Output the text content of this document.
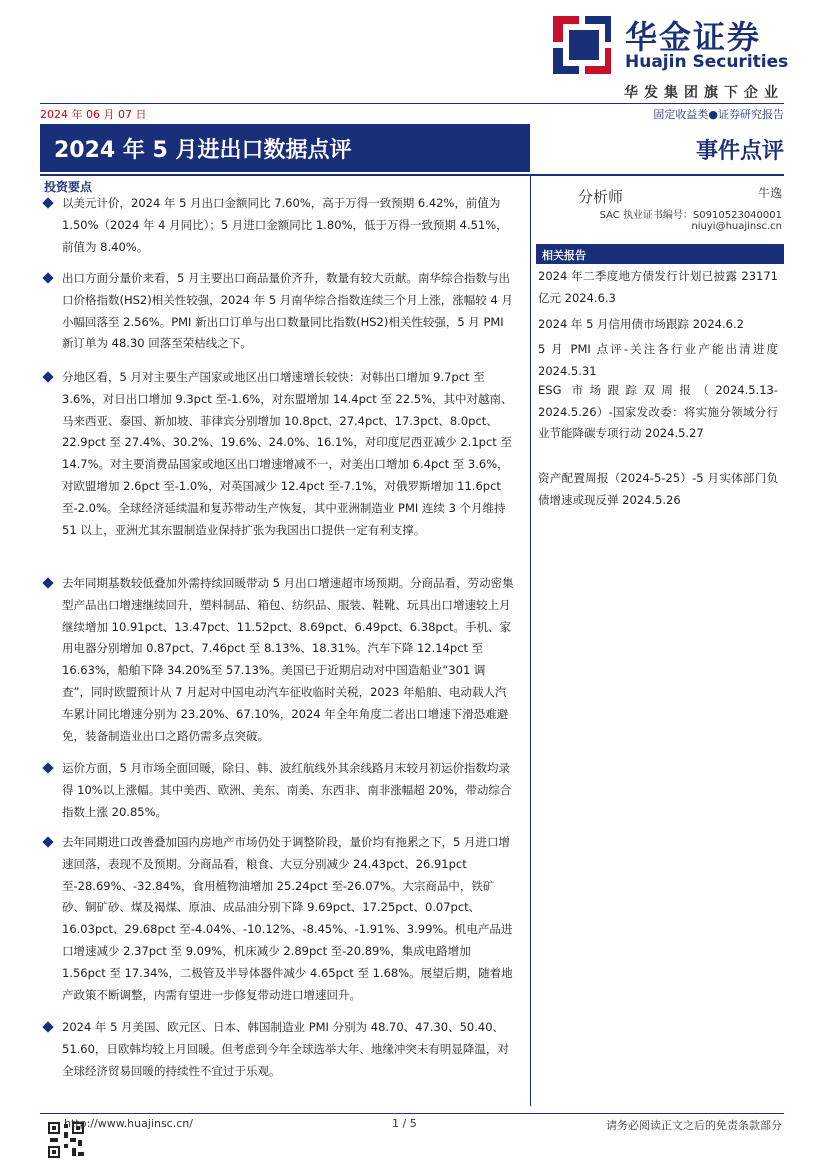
华金证券
Huajin Securities
华发集团旗下企业
2024 年 06 月 07 日	固定收益类●证券研究报告
2024 年 5 月进出口数据点评	事件点评
投资要点
以美元计价，2024 年 5 月出口金额同比 7.60%，高于万得一致预期 6.42%，前值为 1.50%（2024 年 4 月同比）；5 月进口金额同比 1.80%，低于万得一致预期 4.51%，前值为 8.40%。
出口方面分量价来看，5 月主要出口商品量价齐升，数量有较大贡献。南华综合指数与出口价格指数(HS2)相关性较强，2024 年 5 月南华综合指数连续三个月上涨，涨幅较 4 月小幅回落至 2.56%。PMI 新出口订单与出口数量同比指数(HS2)相关性较强，5 月 PMI 新订单为 48.30 回落至荣枯线之下。
分地区看，5 月对主要生产国家或地区出口增速增长较快：对韩出口增加 9.7pct 至 3.6%，对日出口增加 9.3pct 至-1.6%，对东盟增加 14.4pct 至 22.5%，其中对越南、马来西亚、泰国、新加坡、菲律宾分别增加 10.8pct、27.4pct、17.3pct、8.0pct、22.9pct 至 27.4%、30.2%、19.6%、24.0%、16.1%，对印度尼西亚减少 2.1pct 至 14.7%。对主要消费品国家或地区出口增速增减不一，对美出口增加 6.4pct 至 3.6%，对欧盟增加 2.6pct 至-1.0%，对英国减少 12.4pct 至-7.1%，对俄罗斯增加 11.6pct 至-2.0%。全球经济延续温和复苏带动生产恢复，其中亚洲制造业 PMI 连续 3 个月维持 51 以上，亚洲尤其东盟制造业保持扩张为我国出口提供一定有利支撑。
去年同期基数较低叠加外需持续回暖带动 5 月出口增速超市场预期。分商品看，劳动密集型产品出口增速继续回升，塑料制品、箱包、纺织品、服装、鞋靴、玩具出口增速较上月继续增加 10.91pct、13.47pct、11.52pct、8.69pct、6.49pct、6.38pct。手机、家用电器分别增加 0.87pct、7.46pct 至 8.13%、18.31%。汽车下降 12.14pct 至 16.63%，船舶下降 34.20%至 57.13%。美国已于近期启动对中国造船业“301 调查”，同时欧盟预计从 7 月起对中国电动汽车征收临时关税，2023 年船舶、电动载人汽车累计同比增速分别为 23.20%、67.10%，2024 年全年角度二者出口增速下滑恐难避免，装备制造业出口之路仍需多点突破。
运价方面，5 月市场全面回暖，除日、韩、波红航线外其余线路月末较月初运价指数均录得 10%以上涨幅。其中美西、欧洲、美东、南美、东西非、南非涨幅超 20%，带动综合指数上涨 20.85%。
去年同期进口改善叠加国内房地产市场仍处于调整阶段，量价均有拖累之下，5 月进口增速回落，表现不及预期。分商品看，粮食、大豆分别减少 24.43pct、26.91pct 至-28.69%、-32.84%，食用植物油增加 25.24pct 至-26.07%。大宗商品中，铁矿砂、铜矿砂、煤及褐煤、原油、成品油分别下降 9.69pct、17.25pct、0.07pct、16.03pct、29.68pct 至-4.04%、-10.12%、-8.45%、-1.91%、3.99%。机电产品进口增速减少 2.37pct 至 9.09%，机床减少 2.89pct 至-20.89%，集成电路增加 1.56pct 至 17.34%，二极管及半导体器件减少 4.65pct 至 1.68%。展望后期，随着地产政策不断调整，内需有望进一步修复带动进口增速回升。
2024 年 5 月美国、欧元区、日本、韩国制造业 PMI 分别为 48.70、47.30、50.40、51.60，日欧韩均较上月回暖。但考虑到今年全球选举大年、地缘冲突未有明显降温，对全球经济贸易回暖的持续性不宜过于乐观。
分析师	牛逸
SAC 执业证书编号：S0910523040001
niuyi@huajinsc.cn
相关报告
2024 年二季度地方债发行计划已披露 23171 亿元 2024.6.3
2024 年 5 月信用债市场跟踪 2024.6.2
5 月 PMI 点评-关注各行业产能出清进度 2024.5.31
ESG 市场跟踪双周报（2024.5.13-2024.5.26）-国家发改委：将实施分领域分行业节能降碳专项行动 2024.5.27
资产配置周报（2024-5-25）-5 月实体部门负债增速或现反弹 2024.5.26
http://www.huajinsc.cn/	1 / 5	请务必阅读正文之后的免责条款部分
